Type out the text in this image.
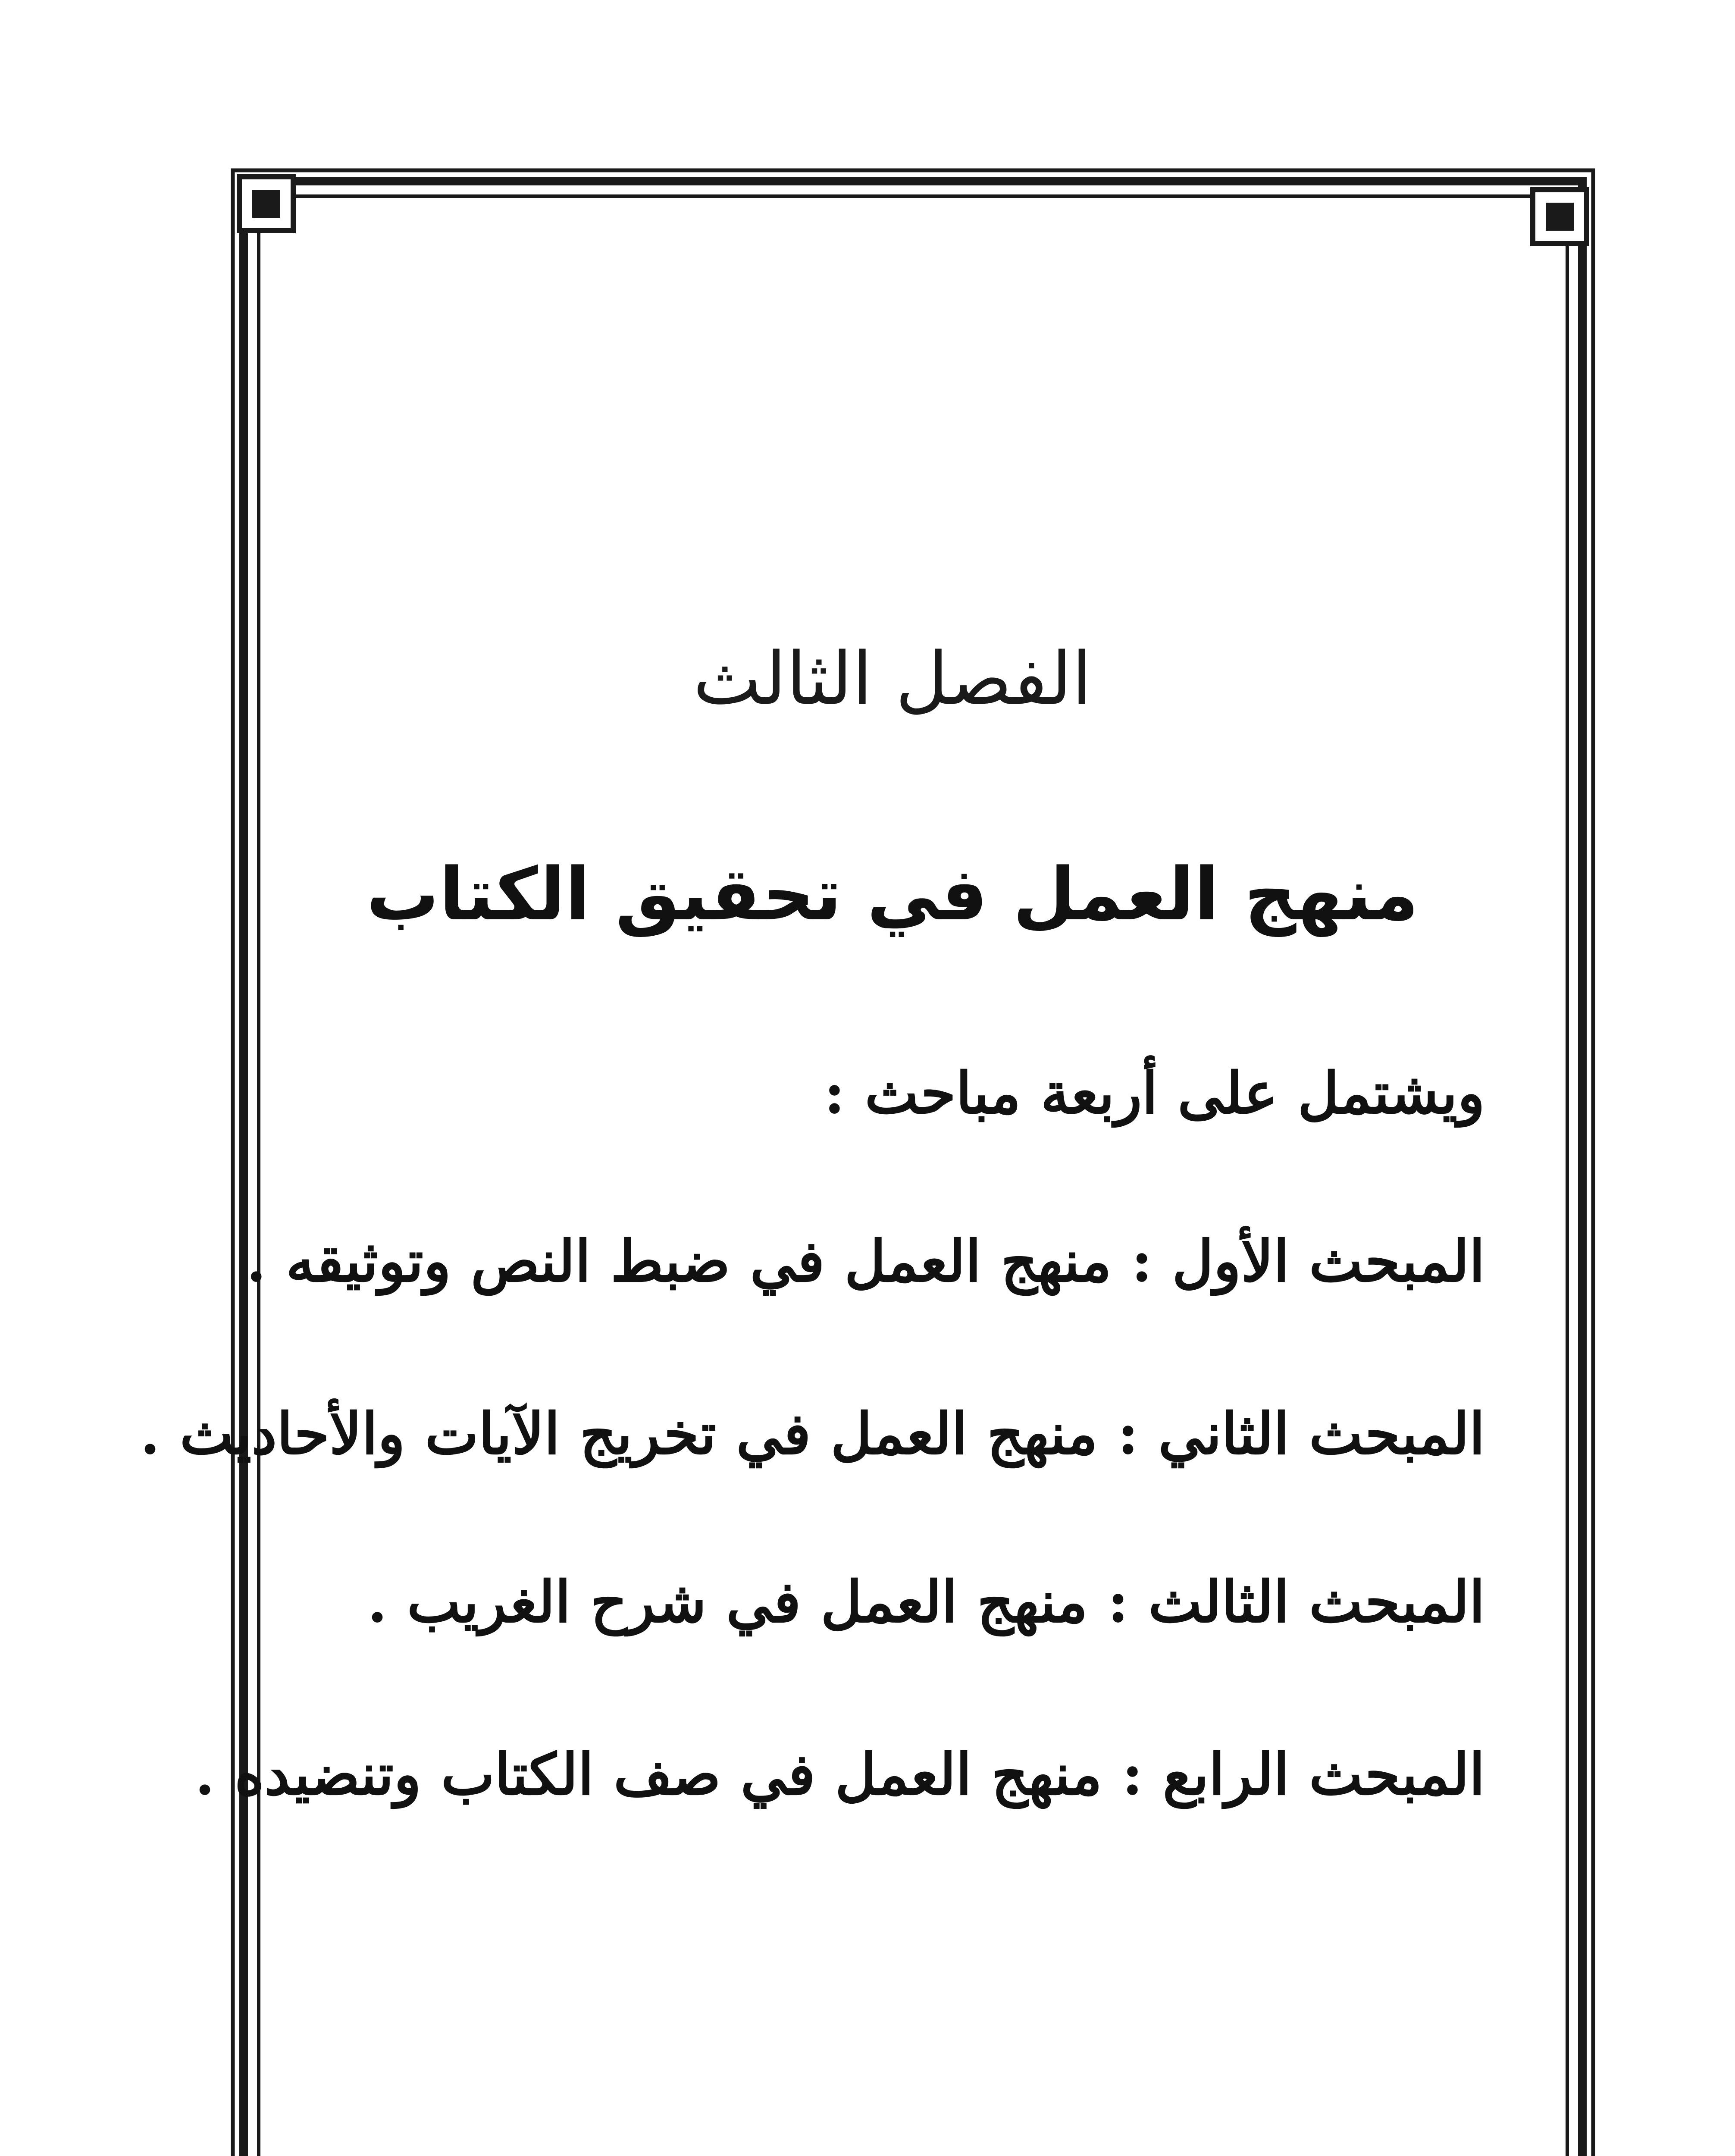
الفصل الثالث
منهج العمل في تحقيق الكتاب
ويشتمل على أربعة مباحث :
المبحث الأول : منهج العمل في ضبط النص وتوثيقه .
المبحث الثاني : منهج العمل في تخريج الآيات والأحاديث .
المبحث الثالث : منهج العمل في شرح الغريب .
المبحث الرابع : منهج العمل في صف الكتاب وتنضيده .
